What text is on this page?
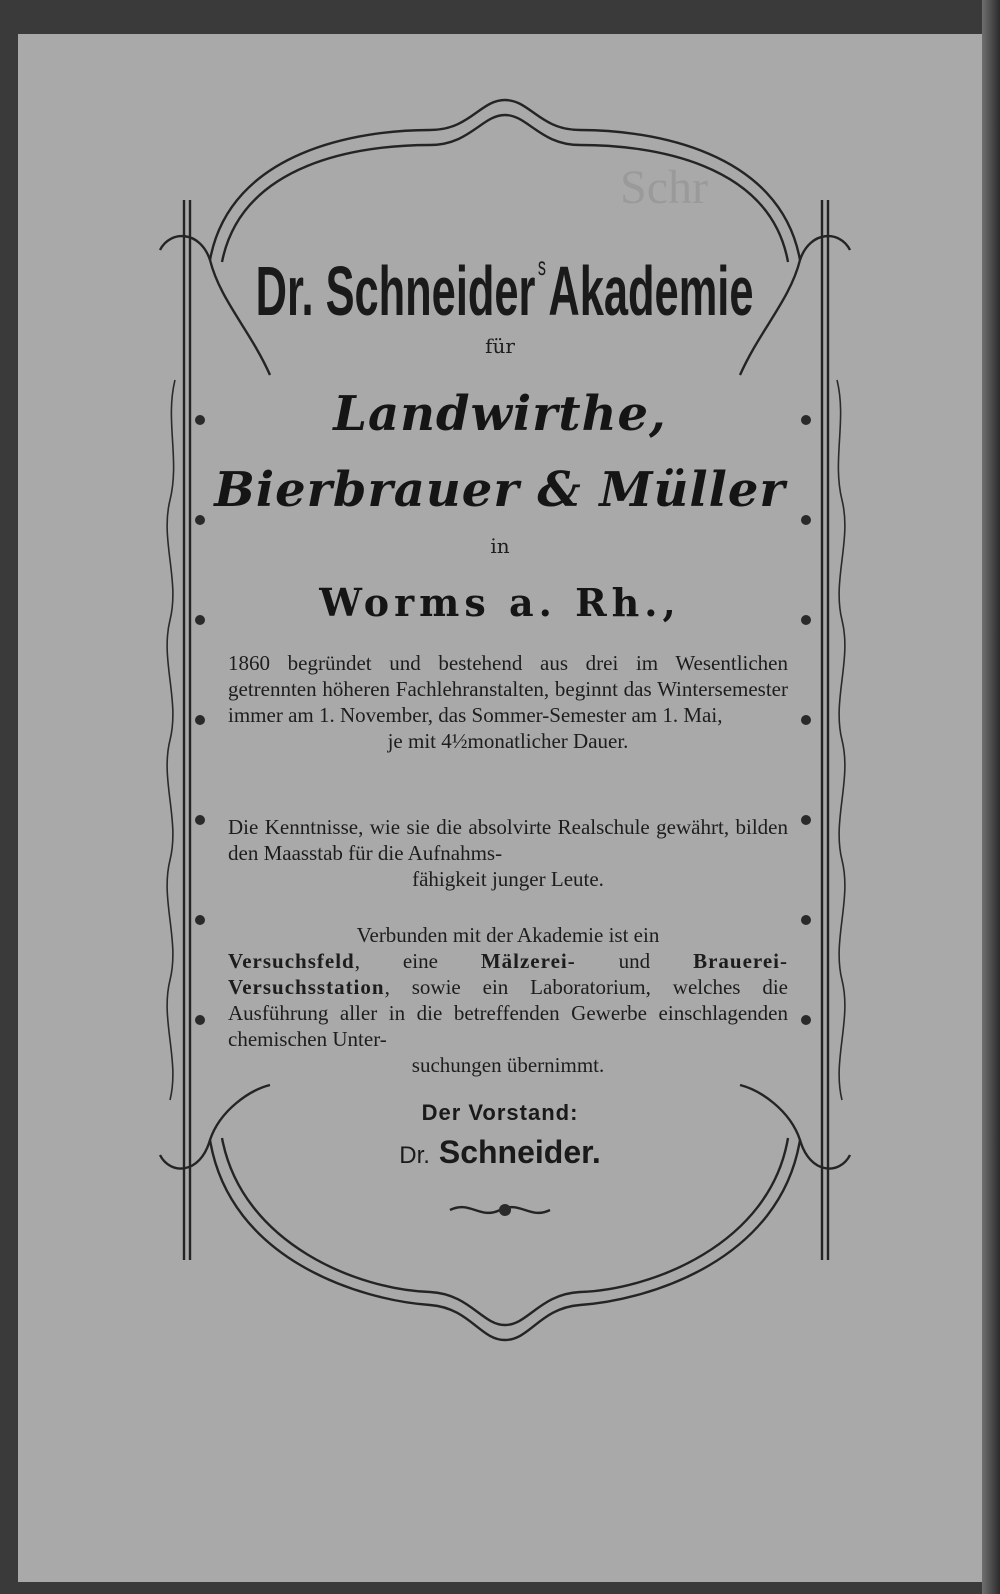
Schr
Dr. Schneider$^s$Akademie
für
Landwirthe,
Bierbrauer & Müller
in
Worms a. Rh.,
1860 begründet und bestehend aus drei im Wesentlichen getrennten höheren Fachlehranstalten, beginnt das Wintersemester immer am 1. November, das Sommer-Semester am 1. Mai,
je mit 4½monatlicher Dauer.
Die Kenntnisse, wie sie die absolvirte Realschule gewährt, bilden den Maasstab für die Aufnahms-
fähigkeit junger Leute.
Verbunden mit der Akademie ist ein
Versuchsfeld, eine Mälzerei- und Brauerei-Versuchsstation, sowie ein Laboratorium, welches die Ausführung aller in die betreffenden Gewerbe einschlagenden chemischen Unter-
suchungen übernimmt.
Der Vorstand:
Dr. Schneider.
